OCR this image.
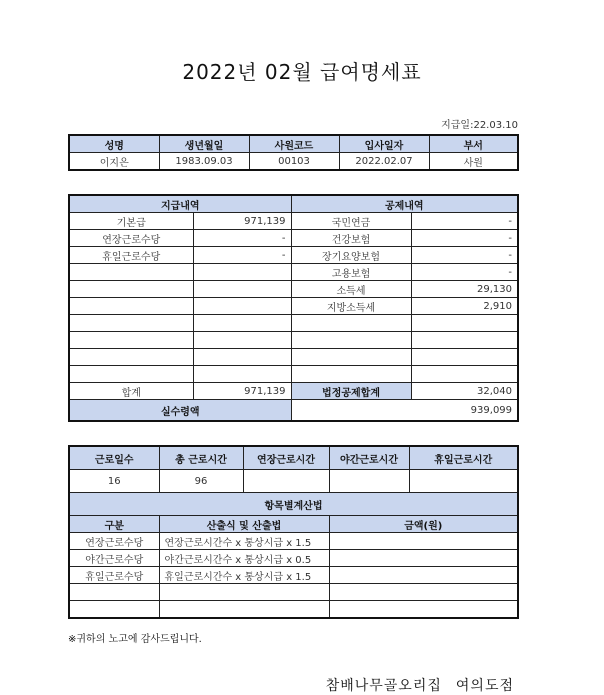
2022년 02월 급여명세표
지급일:22.03.10
성명	생년월일	사원코드	입사일자	부서
이지은	1983.09.03	00103	2022.02.07	사원
지급내역		공제내역	
기본급	971,139	국민연금	-
연장근로수당	-	건강보험	-
휴일근로수당	-	장기요양보험	-
		고용보험	-
		소득세	29,130
		지방소득세	2,910

합계	971,139	법정공제합계	32,040
실수령액		939,099	
근로일수	총 근로시간	연장근로시간	야간근로시간	휴일근로시간
16	96			
항목별계산법				
구분	산출식 및 산출법		금액(원)	
연장근로수당	연장근로시간수 x 통상시급 x 1.5			
야간근로수당	야간근로시간수 x 통상시급 x 0.5			
휴일근로수당	휴일근로시간수 x 통상시급 x 1.5			

※귀하의 노고에 감사드립니다.
참배나무골오리집 여의도점
